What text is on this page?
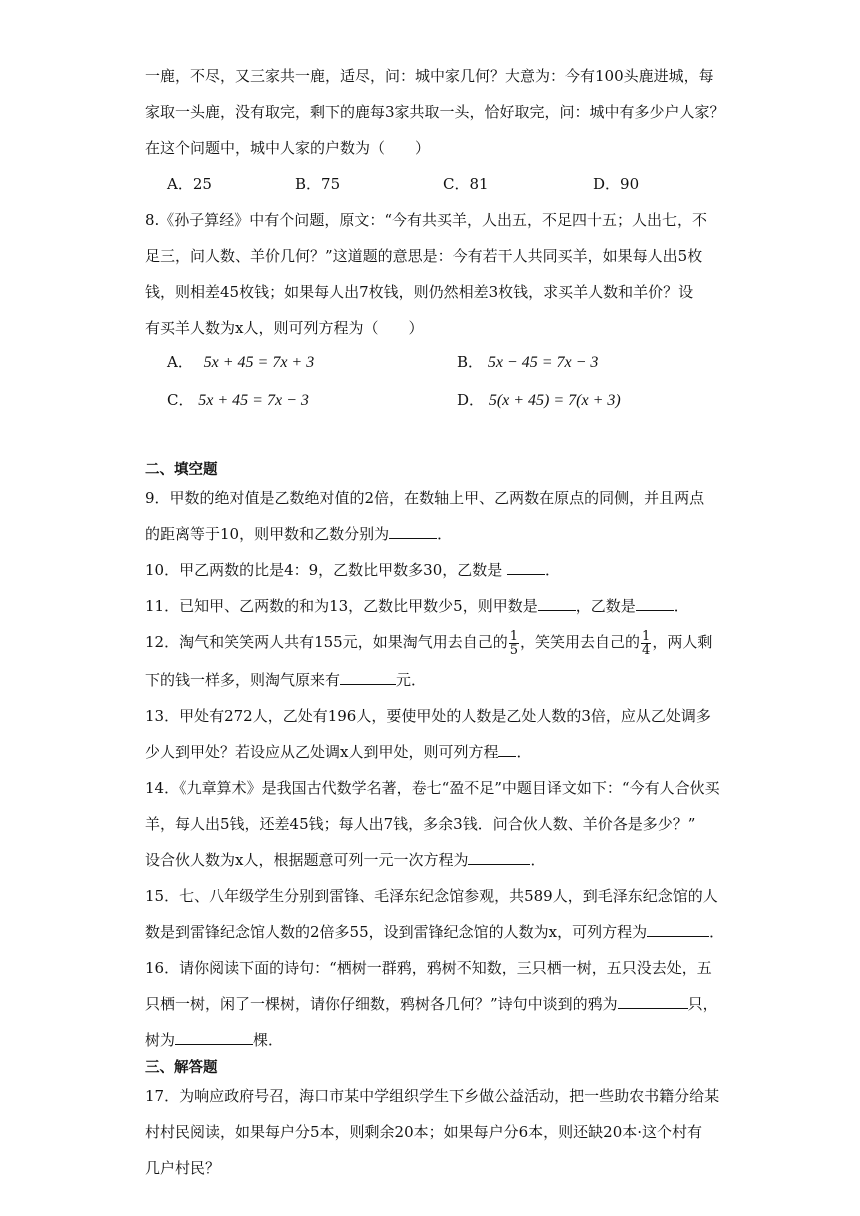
一鹿，不尽，又三家共一鹿，适尽，问：城中家几何？大意为：今有100头鹿进城，每
家取一头鹿，没有取完，剩下的鹿每3家共取一头，恰好取完，问：城中有多少户人家？
在这个问题中，城中人家的户数为（　　）
A．25	B．75	C．81	D．90
8.《孙子算经》中有个问题，原文：“今有共买羊，人出五，不足四十五；人出七，不
足三，问人数、羊价几何？”这道题的意思是：今有若干人共同买羊，如果每人出5枚
钱，则相差45枚钱；如果每人出7枚钱，则仍然相差3枚钱，求买羊人数和羊价？设
有买羊人数为x人，则可列方程为（　　）
A． 5x + 45 = 7x + 3	B． 5x − 45 = 7x − 3
C． 5x + 45 = 7x − 3	D． 5(x + 45) = 7(x + 3)
二、填空题
9．甲数的绝对值是乙数绝对值的2倍，在数轴上甲、乙两数在原点的同侧，并且两点
的距离等于10，则甲数和乙数分别为	．
10．甲乙两数的比是4：9，乙数比甲数多30，乙数是	．
11．已知甲、乙两数的和为13，乙数比甲数少5，则甲数是	，乙数是	．
12．淘气和笑笑两人共有155元，如果淘气用去自己的 $\frac{1}{5}$ ，笑笑用去自己的 $\frac{1}{4}$ ，两人剩
下的钱一样多，则淘气原来有	元．
13．甲处有272人，乙处有196人，要使甲处的人数是乙处人数的3倍，应从乙处调多
少人到甲处？若设应从乙处调x人到甲处，则可列方程 ．
14．《九章算术》是我国古代数学名著，卷七“盈不足”中题目译文如下：“今有人合伙买
羊，每人出5钱，还差45钱；每人出7钱，多余3钱．问合伙人数、羊价各是多少？”
设合伙人数为x人，根据题意可列一元一次方程为	．
15．七、八年级学生分别到雷锋、毛泽东纪念馆参观，共589人，到毛泽东纪念馆的人
数是到雷锋纪念馆人数的2倍多55，设到雷锋纪念馆的人数为x，可列方程为	．
16．请你阅读下面的诗句：“栖树一群鸦，鸦树不知数，三只栖一树，五只没去处，五
只栖一树，闲了一棵树，请你仔细数，鸦树各几何？”诗句中谈到的鸦为	只，
树为	棵．
三、解答题
17．为响应政府号召，海口市某中学组织学生下乡做公益活动，把一些助农书籍分给某
村村民阅读，如果每户分5本，则剩余20本；如果每户分6本，则还缺20本·这个村有
几户村民？
